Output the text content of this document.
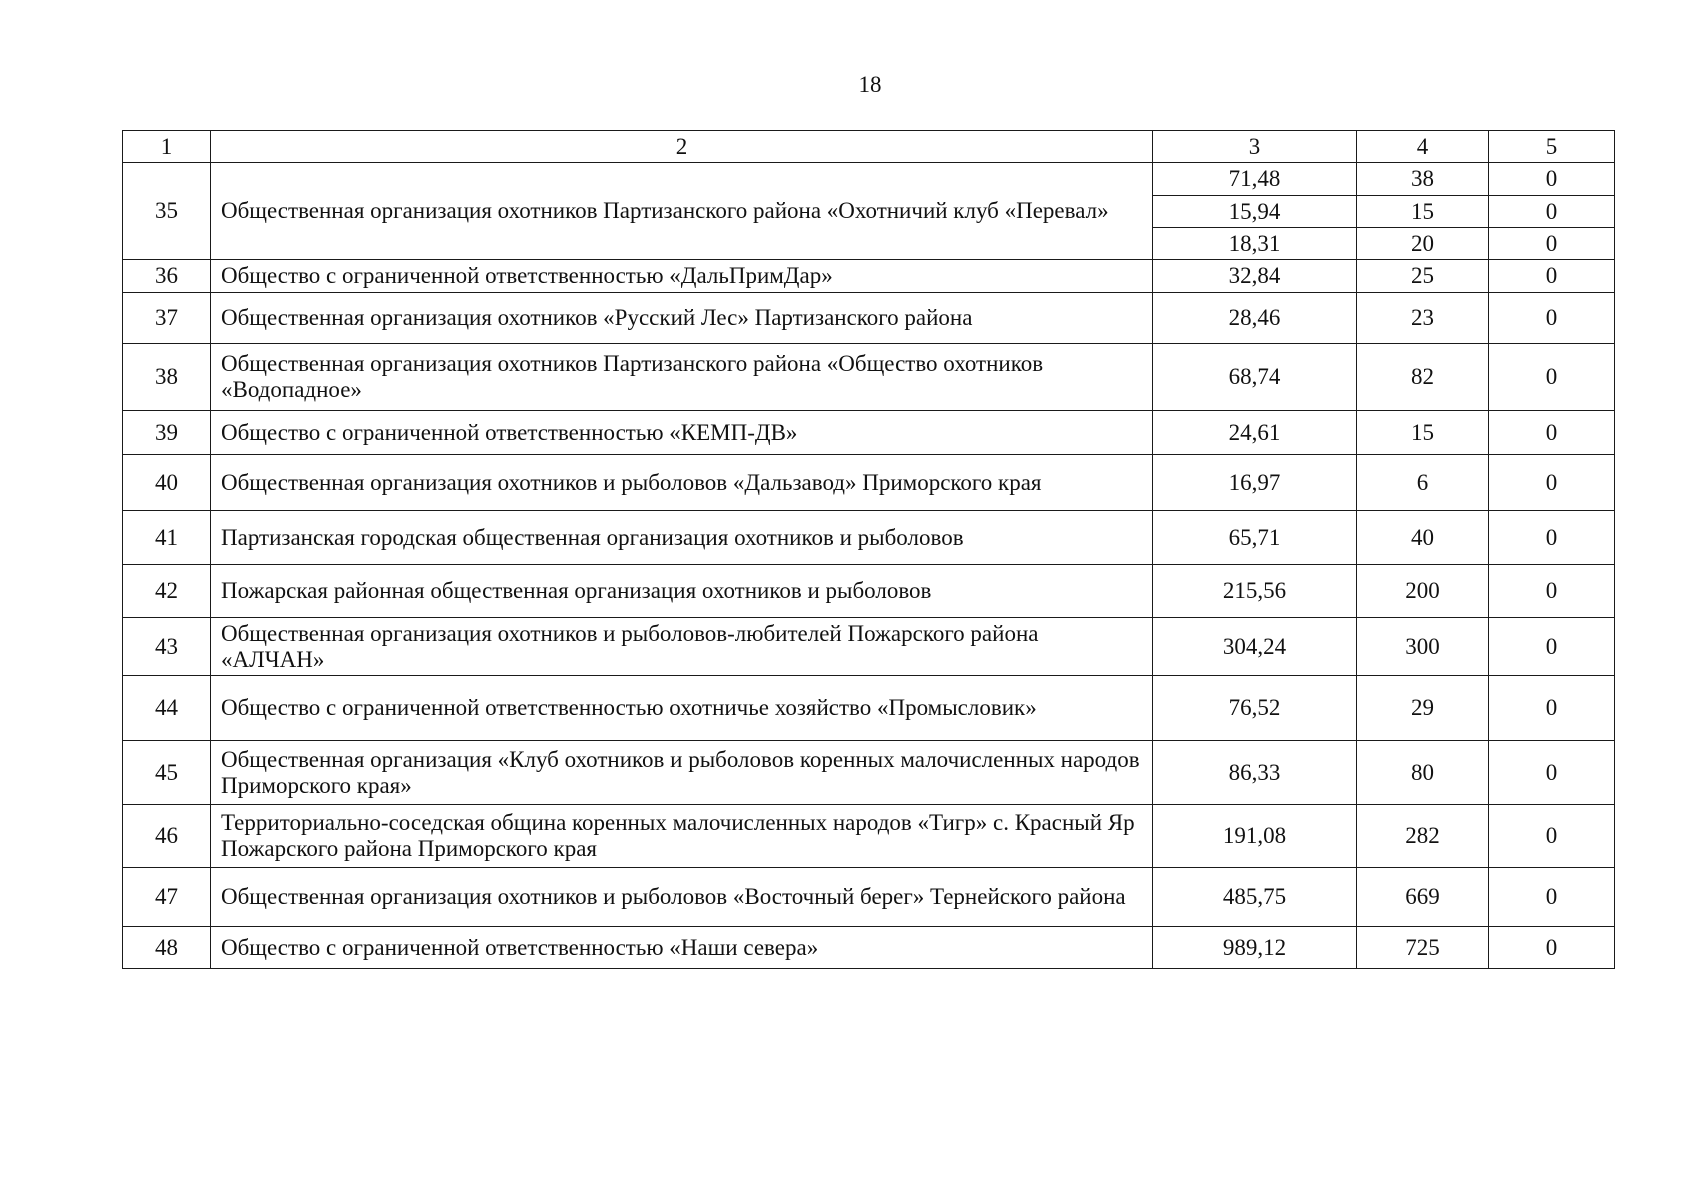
18
1	2	3	4	5
35	Общественная организация охотников Партизанского района «Охотничий клуб «Перевал»	71,48	38	0
		15,94	15	0
		18,31	20	0
36	Общество с ограниченной ответственностью «ДальПримДар»	32,84	25	0
37	Общественная организация охотников «Русский Лес» Партизанского района	28,46	23	0
38	Общественная организация охотников Партизанского района «Общество охотников «Водопадное»	68,74	82	0
39	Общество с ограниченной ответственностью «КЕМП-ДВ»	24,61	15	0
40	Общественная организация охотников и рыболовов «Дальзавод» Приморского края	16,97	6	0
41	Партизанская городская общественная организация охотников и рыболовов	65,71	40	0
42	Пожарская районная общественная организация охотников и рыболовов	215,56	200	0
43	Общественная организация охотников и рыболовов-любителей Пожарского района «АЛЧАН»	304,24	300	0
44	Общество с ограниченной ответственностью охотничье хозяйство «Промысловик»	76,52	29	0
45	Общественная организация «Клуб охотников и рыболовов коренных малочисленных народов Приморского края»	86,33	80	0
46	Территориально-соседская община коренных малочисленных народов «Тигр» с. Красный Яр Пожарского района Приморского края	191,08	282	0
47	Общественная организация охотников и рыболовов «Восточный берег» Тернейского района	485,75	669	0
48	Общество с ограниченной ответственностью «Наши севера»	989,12	725	0
